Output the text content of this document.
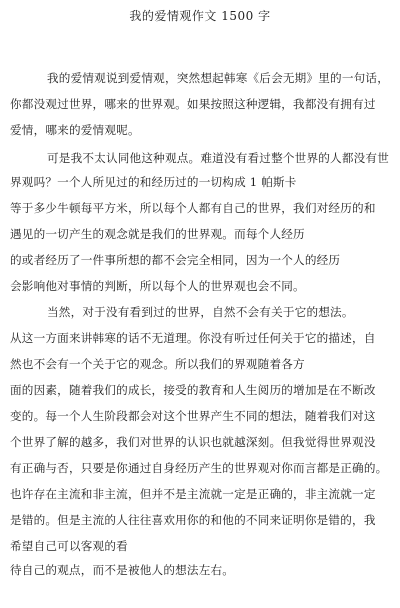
我的爱情观作文 1500 字
我的爱情观说到爱情观，突然想起韩寒《后会无期》里的一句话，
你都没观过世界，哪来的世界观。如果按照这种逻辑，我都没有拥有过
爱情，哪来的爱情观呢。
可是我不太认同他这种观点。难道没有看过整个世界的人都没有世
界观吗？一个人所见过的和经历过的一切构成 1 帕斯卡
等于多少牛顿每平方米，所以每个人都有自己的世界，我们对经历的和
遇见的一切产生的观念就是我们的世界观。而每个人经历
的或者经历了一件事所想的都不会完全相同，因为一个人的经历
会影响他对事情的判断，所以每个人的世界观也会不同。
当然，对于没有看到过的世界，自然不会有关于它的想法。
从这一方面来讲韩寒的话不无道理。你没有听过任何关于它的描述，自
然也不会有一个关于它的观念。所以我们的界观随着各方
面的因素，随着我们的成长，接受的教育和人生阅历的增加是在不断改
变的。每一个人生阶段都会对这个世界产生不同的想法，随着我们对这
个世界了解的越多，我们对世界的认识也就越深刻。但我觉得世界观没
有正确与否，只要是你通过自身经历产生的世界观对你而言都是正确的。
也许存在主流和非主流，但并不是主流就一定是正确的，非主流就一定
是错的。但是主流的人往往喜欢用你的和他的不同来证明你是错的，我
希望自己可以客观的看
待自己的观点，而不是被他人的想法左右。
